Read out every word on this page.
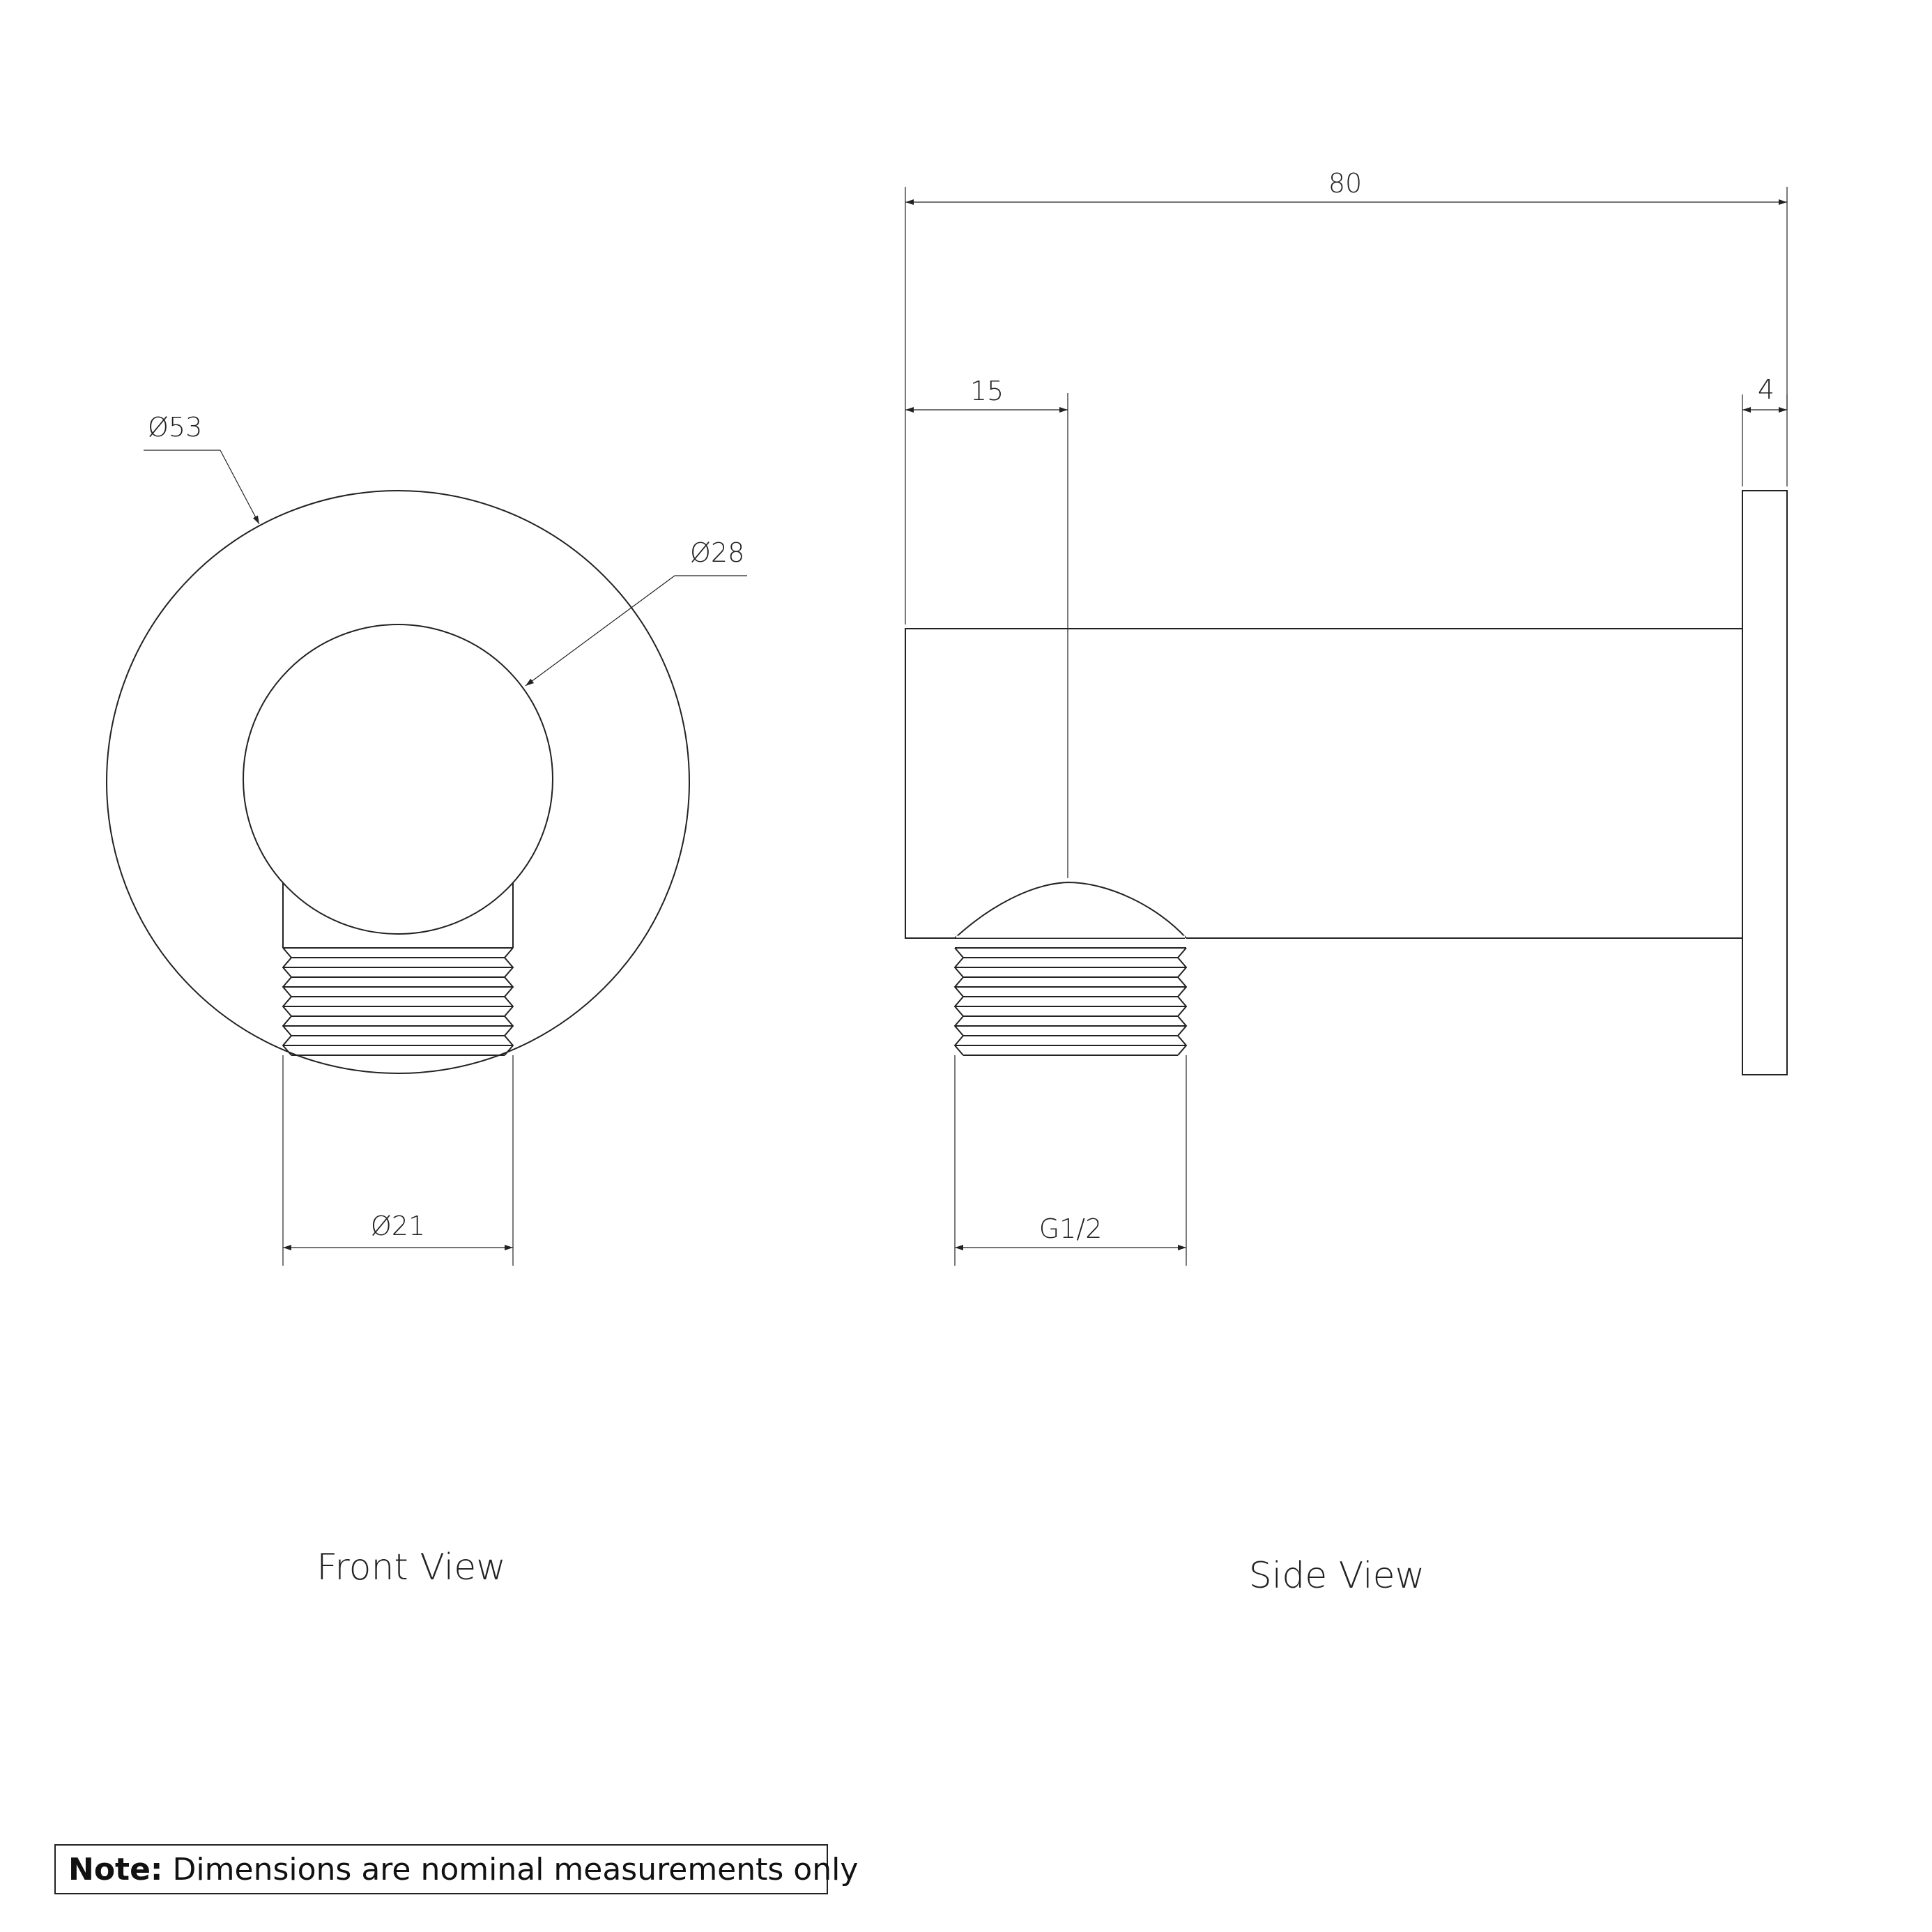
Ø53
Ø28
Ø21
Front View
80
15	4
G1/2
Side View
Note: Dimensions are nominal measurements only
